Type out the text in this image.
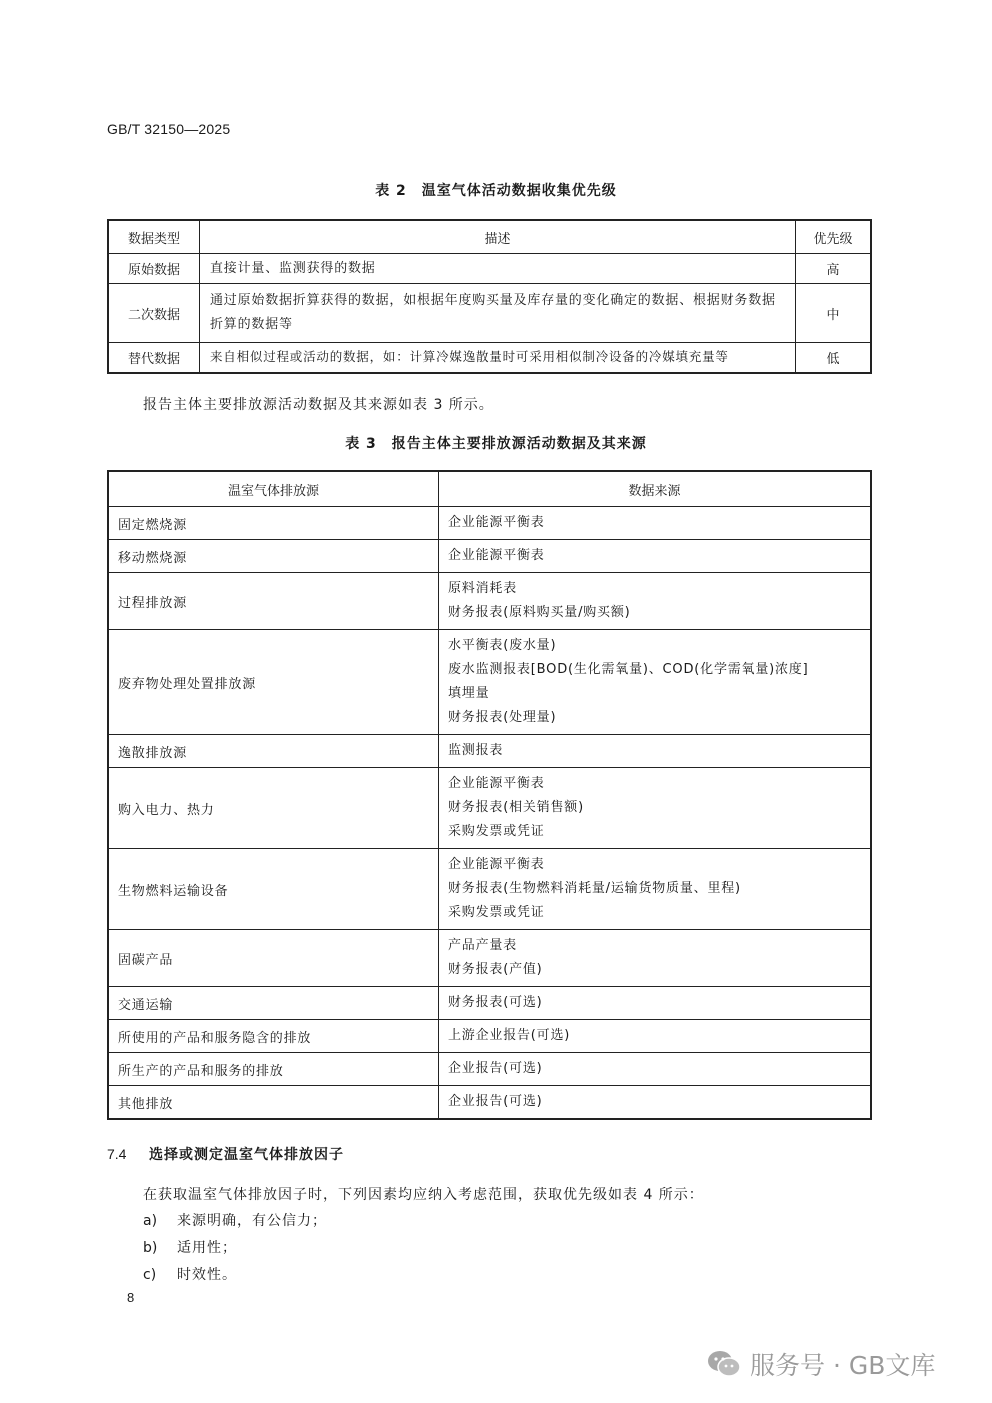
GB/T 32150—2025
表 2　温室气体活动数据收集优先级
数据类型	描述	优先级
原始数据	直接计量、监测获得的数据	高
二次数据	通过原始数据折算获得的数据，如根据年度购买量及库存量的变化确定的数据、根据财务数据折算的数据等	中
替代数据	来自相似过程或活动的数据，如：计算冷媒逸散量时可采用相似制冷设备的冷媒填充量等	低
报告主体主要排放源活动数据及其来源如表 3 所示。
表 3　报告主体主要排放源活动数据及其来源
温室气体排放源	数据来源
固定燃烧源	企业能源平衡表

移动燃烧源	企业能源平衡表

过程排放源	原料消耗表
财务报表(原料购买量/购买额)

废弃物处理处置排放源	水平衡表(废水量)
废水监测报表[BOD(生化需氧量)、COD(化学需氧量)浓度]
填埋量
财务报表(处理量)

逸散排放源	监测报表

购入电力、热力	企业能源平衡表
财务报表(相关销售额)
采购发票或凭证

生物燃料运输设备	企业能源平衡表
财务报表(生物燃料消耗量/运输货物质量、里程)
采购发票或凭证

固碳产品	产品产量表
财务报表(产值)

交通运输	财务报表(可选)

所使用的产品和服务隐含的排放	上游企业报告(可选)

所生产的产品和服务的排放	企业报告(可选)

其他排放	企业报告(可选)
7.4 选择或测定温室气体排放因子
在获取温室气体排放因子时，下列因素均应纳入考虑范围，获取优先级如表 4 所示：
a) 来源明确，有公信力；
b) 适用性；
c) 时效性。
8
服务号 · GB文库
